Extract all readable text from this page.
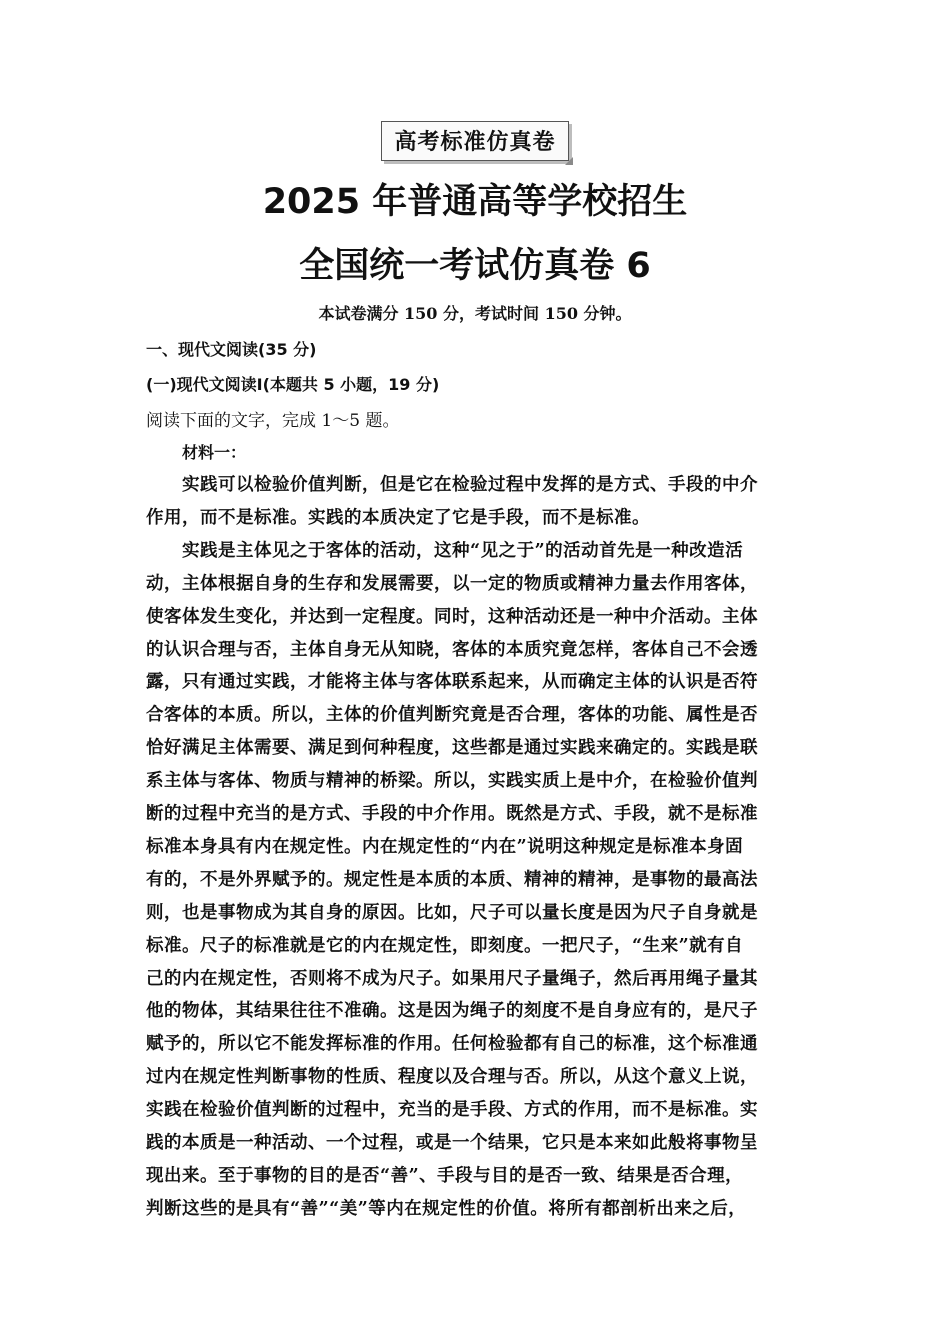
高考标准仿真卷
2025 年普通高等学校招生
全国统一考试仿真卷 6
本试卷满分 150 分，考试时间 150 分钟。
一、现代文阅读(35 分)
(一)现代文阅读Ⅰ(本题共 5 小题，19 分)
阅读下面的文字，完成 1～5 题。
材料一：
实践可以检验价值判断，但是它在检验过程中发挥的是方式、手段的中介
作用，而不是标准。实践的本质决定了它是手段，而不是标准。
实践是主体见之于客体的活动，这种“见之于”的活动首先是一种改造活
动，主体根据自身的生存和发展需要，以一定的物质或精神力量去作用客体，
使客体发生变化，并达到一定程度。同时，这种活动还是一种中介活动。主体
的认识合理与否，主体自身无从知晓，客体的本质究竟怎样，客体自己不会透
露，只有通过实践，才能将主体与客体联系起来，从而确定主体的认识是否符
合客体的本质。所以，主体的价值判断究竟是否合理，客体的功能、属性是否
恰好满足主体需要、满足到何种程度，这些都是通过实践来确定的。实践是联
系主体与客体、物质与精神的桥梁。所以，实践实质上是中介，在检验价值判
断的过程中充当的是方式、手段的中介作用。既然是方式、手段，就不是标准
标准本身具有内在规定性。内在规定性的“内在”说明这种规定是标准本身固
有的，不是外界赋予的。规定性是本质的本质、精神的精神，是事物的最高法
则，也是事物成为其自身的原因。比如，尺子可以量长度是因为尺子自身就是
标准。尺子的标准就是它的内在规定性，即刻度。一把尺子，“生来”就有自
己的内在规定性，否则将不成为尺子。如果用尺子量绳子，然后再用绳子量其
他的物体，其结果往往不准确。这是因为绳子的刻度不是自身应有的，是尺子
赋予的，所以它不能发挥标准的作用。任何检验都有自己的标准，这个标准通
过内在规定性判断事物的性质、程度以及合理与否。所以，从这个意义上说，
实践在检验价值判断的过程中，充当的是手段、方式的作用，而不是标准。实
践的本质是一种活动、一个过程，或是一个结果，它只是本来如此般将事物呈
现出来。至于事物的目的是否“善”、手段与目的是否一致、结果是否合理，
判断这些的是具有“善”“美”等内在规定性的价值。将所有都剖析出来之后，
